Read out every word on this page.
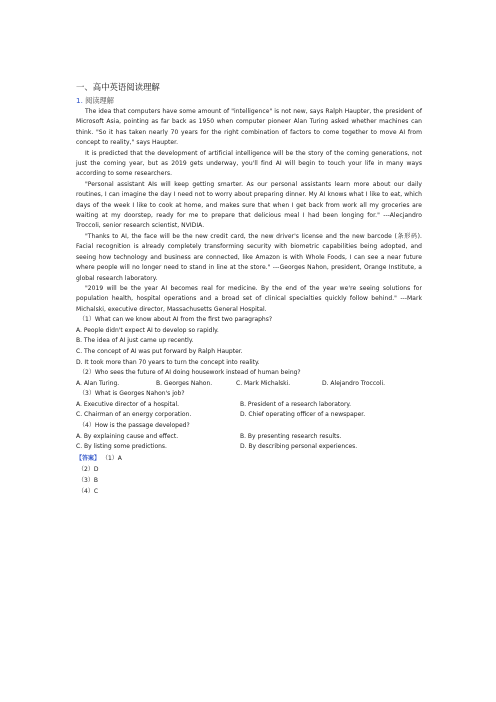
一、高中英语阅读理解

1. 阅读理解

The idea that computers have some amount of "intelligence" is not new, says Ralph Haupter, the president of Microsoft Asia, pointing as far back as 1950 when computer pioneer Alan Turing asked whether machines can think. "So it has taken nearly 70 years for the right combination of factors to come together to move AI from concept to reality," says Haupter.

It is predicted that the development of artificial intelligence will be the story of the coming generations, not just the coming year, but as 2019 gets underway, you'll find AI will begin to touch your life in many ways according to some researchers.

"Personal assistant AIs will keep getting smarter. As our personal assistants learn more about our daily routines, I can imagine the day I need not to worry about preparing dinner. My AI knows what I like to eat, which days of the week I like to cook at home, and makes sure that when I get back from work all my groceries are waiting at my doorstep, ready for me to prepare that delicious meal I had been longing for." ---Alecjandro Troccoli, senior research scientist, NVIDIA.

"Thanks to AI, the face will be the new credit card, the new driver's license and the new barcode (条形码). Facial recognition is already completely transforming security with biometric capabilities being adopted, and seeing how technology and business are connected, like Amazon is with Whole Foods, I can see a near future where people will no longer need to stand in line at the store." ---Georges Nahon, president, Orange Institute, a global research laboratory.

"2019 will be the year AI becomes real for medicine. By the end of the year we're seeing solutions for population health, hospital operations and a broad set of clinical specialties quickly follow behind." ---Mark Michalski, executive director, Massachusetts General Hospital.

（1）What can we know about AI from the first two paragraphs?

A. People didn't expect AI to develop so rapidly.

B. The idea of AI just came up recently.

C. The concept of AI was put forward by Ralph Haupter.

D. It took more than 70 years to turn the concept into reality.

（2）Who sees the future of AI doing housework instead of human being?

A. Alan Turing.	B. Georges Nahon.	C. Mark Michalski.	D. Alejandro Troccoli.

（3）What is Georges Nahon's job?

A. Executive director of a hospital.	B. President of a research laboratory.
C. Chairman of an energy corporation.	D. Chief operating officer of a newspaper.

（4）How is the passage developed?

A. By explaining cause and effect.	B. By presenting research results.
C. By listing some predictions.	D. By describing personal experiences.

【答案】 （1）A

（2）D

（3）B

（4）C
